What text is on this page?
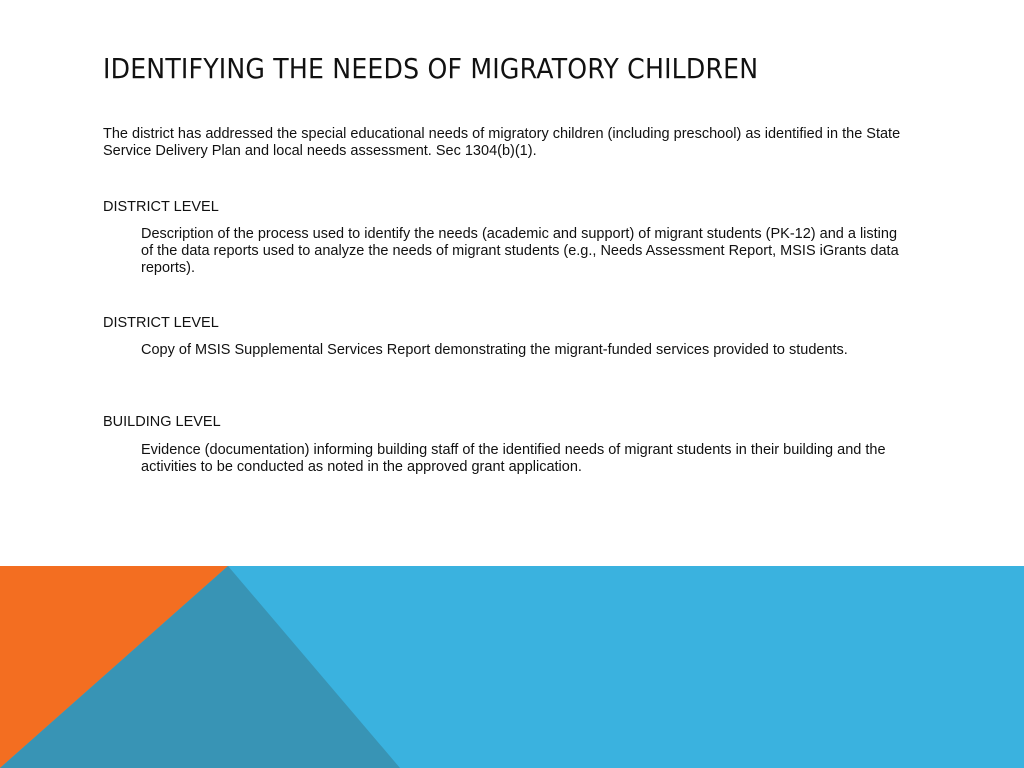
IDENTIFYING THE NEEDS OF MIGRATORY CHILDREN

The district has addressed the special educational needs of migratory children (including preschool) as identified in the State Service Delivery Plan and local needs assessment. Sec 1304(b)(1).

DISTRICT LEVEL

Description of the process used to identify the needs (academic and support) of migrant students (PK-12) and a listing of the data reports used to analyze the needs of migrant students (e.g., Needs Assessment Report, MSIS iGrants data reports).

DISTRICT LEVEL

Copy of MSIS Supplemental Services Report demonstrating the migrant-funded services provided to students.

BUILDING LEVEL

Evidence (documentation) informing building staff of the identified needs of migrant students in their building and the activities to be conducted as noted in the approved grant application.
